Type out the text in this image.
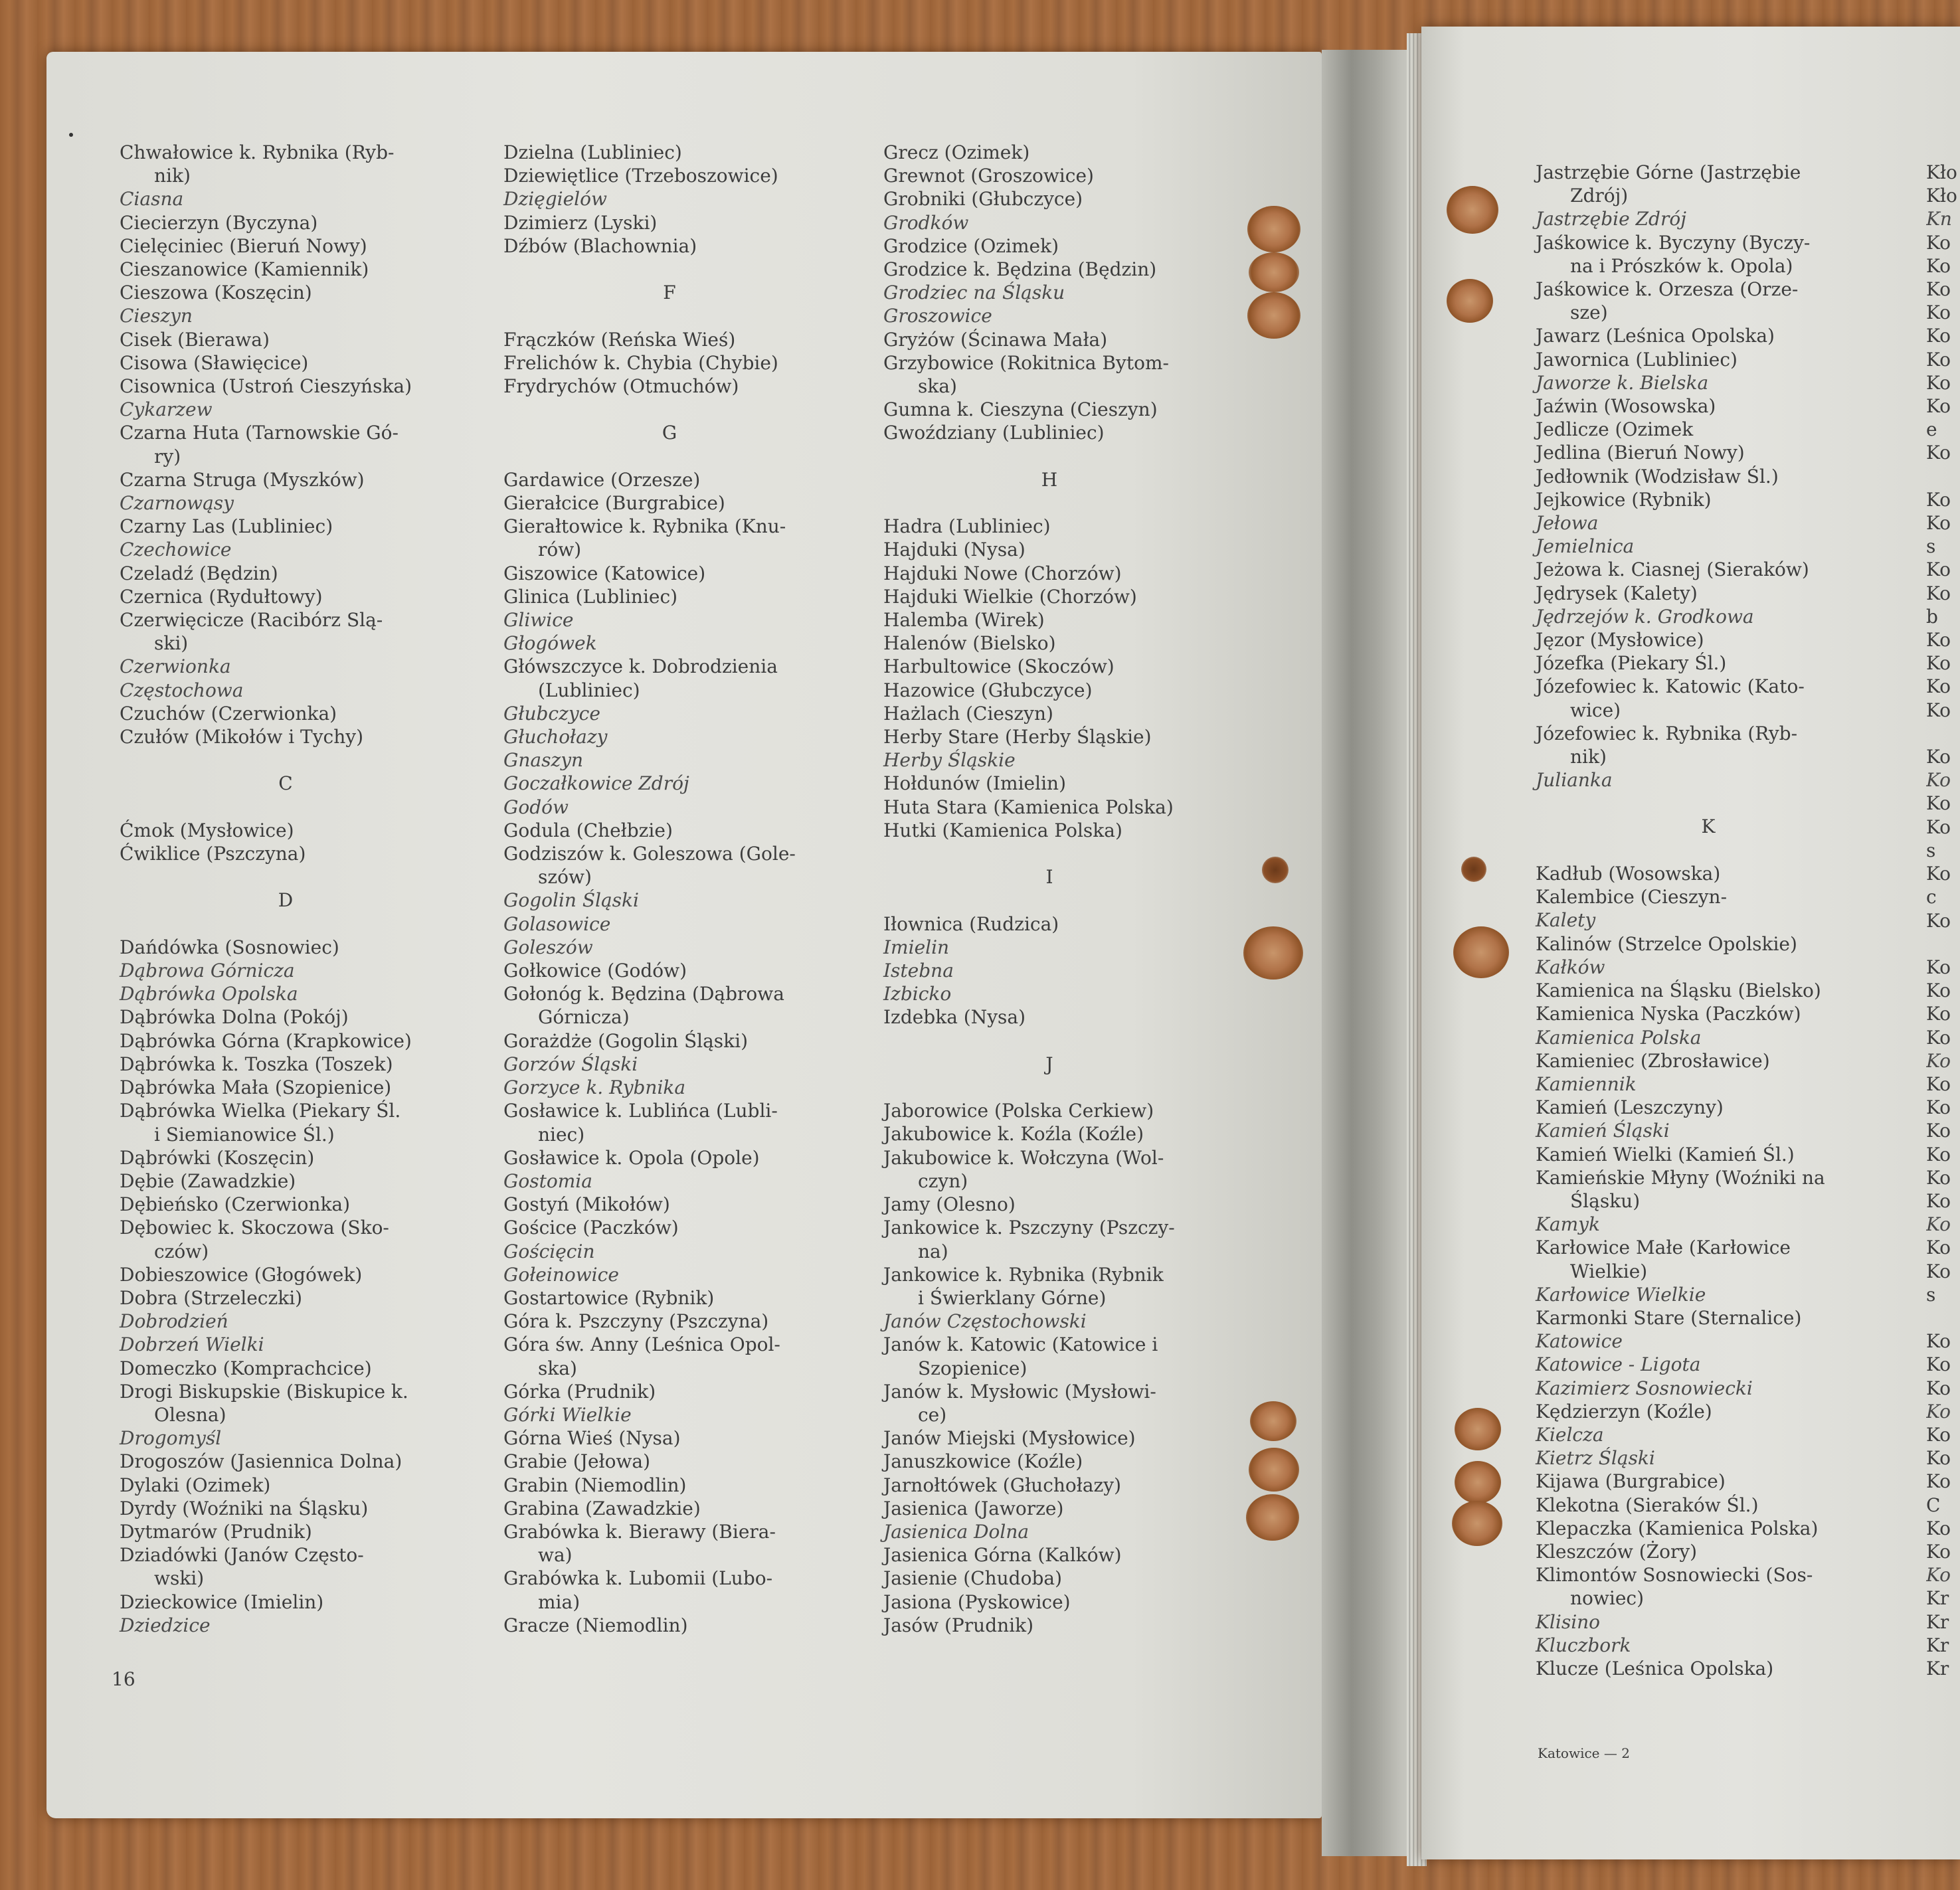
Chwałowice k. Rybnika (Ryb-
nik)
Ciasna
Ciecierzyn (Byczyna)
Cielęciniec (Bieruń Nowy)
Cieszanowice (Kamiennik)
Cieszowa (Koszęcin)
Cieszyn
Cisek (Bierawa)
Cisowa (Sławięcice)
Cisownica (Ustroń Cieszyńska)
Cykarzew
Czarna Huta (Tarnowskie Gó-
ry)
Czarna Struga (Myszków)
Czarnowąsy
Czarny Las (Lubliniec)
Czechowice
Czeladź (Będzin)
Czernica (Rydułtowy)
Czerwięcicze (Racibórz Slą-
ski)
Czerwionka
Częstochowa
Czuchów (Czerwionka)
Czułów (Mikołów i Tychy)
C
Ćmok (Mysłowice)
Ćwiklice (Pszczyna)
D
Dańdówka (Sosnowiec)
Dąbrowa Górnicza
Dąbrówka Opolska
Dąbrówka Dolna (Pokój)
Dąbrówka Górna (Krapkowice)
Dąbrówka k. Toszka (Toszek)
Dąbrówka Mała (Szopienice)
Dąbrówka Wielka (Piekary Śl.
i Siemianowice Śl.)
Dąbrówki (Koszęcin)
Dębie (Zawadzkie)
Dębieńsko (Czerwionka)
Dębowiec k. Skoczowa (Sko-
czów)
Dobieszowice (Głogówek)
Dobra (Strzeleczki)
Dobrodzień
Dobrzeń Wielki
Domeczko (Komprachcice)
Drogi Biskupskie (Biskupice k.
Olesna)
Drogomyśl
Drogoszów (Jasiennica Dolna)
Dylaki (Ozimek)
Dyrdy (Woźniki na Śląsku)
Dytmarów (Prudnik)
Dziadówki (Janów Często-
wski)
Dzieckowice (Imielin)
Dziedzice
Dzielna (Lubliniec)
Dziewiętlice (Trzeboszowice)
Dzięgielów
Dzimierz (Lyski)
Dźbów (Blachownia)
F
Frączków (Reńska Wieś)
Frelichów k. Chybia (Chybie)
Frydrychów (Otmuchów)
G
Gardawice (Orzesze)
Gierałcice (Burgrabice)
Gierałtowice k. Rybnika (Knu-
rów)
Giszowice (Katowice)
Glinica (Lubliniec)
Gliwice
Głogówek
Główszczyce k. Dobrodzienia
(Lubliniec)
Głubczyce
Głuchołazy
Gnaszyn
Goczałkowice Zdrój
Godów
Godula (Chełbzie)
Godziszów k. Goleszowa (Gole-
szów)
Gogolin Śląski
Golasowice
Goleszów
Gołkowice (Godów)
Gołonóg k. Będzina (Dąbrowa
Górnicza)
Gorażdże (Gogolin Śląski)
Gorzów Śląski
Gorzyce k. Rybnika
Gosławice k. Lublińca (Lubli-
niec)
Gosławice k. Opola (Opole)
Gostomia
Gostyń (Mikołów)
Gościce (Paczków)
Gościęcin
Gołeinowice
Gostartowice (Rybnik)
Góra k. Pszczyny (Pszczyna)
Góra św. Anny (Leśnica Opol-
ska)
Górka (Prudnik)
Górki Wielkie
Górna Wieś (Nysa)
Grabie (Jełowa)
Grabin (Niemodlin)
Grabina (Zawadzkie)
Grabówka k. Bierawy (Biera-
wa)
Grabówka k. Lubomii (Lubo-
mia)
Gracze (Niemodlin)
Grecz (Ozimek)
Grewnot (Groszowice)
Grobniki (Głubczyce)
Grodków
Grodzice (Ozimek)
Grodzice k. Będzina (Będzin)
Grodziec na Śląsku
Groszowice
Gryżów (Ścinawa Mała)
Grzybowice (Rokitnica Bytom-
ska)
Gumna k. Cieszyna (Cieszyn)
Gwoździany (Lubliniec)
H
Hadra (Lubliniec)
Hajduki (Nysa)
Hajduki Nowe (Chorzów)
Hajduki Wielkie (Chorzów)
Halemba (Wirek)
Halenów (Bielsko)
Harbultowice (Skoczów)
Hazowice (Głubczyce)
Hażlach (Cieszyn)
Herby Stare (Herby Śląskie)
Herby Śląskie
Hołdunów (Imielin)
Huta Stara (Kamienica Polska)
Hutki (Kamienica Polska)
I
Iłownica (Rudzica)
Imielin
Istebna
Izbicko
Izdebka (Nysa)
J
Jaborowice (Polska Cerkiew)
Jakubowice k. Koźla (Koźle)
Jakubowice k. Wołczyna (Wol-
czyn)
Jamy (Olesno)
Jankowice k. Pszczyny (Pszczy-
na)
Jankowice k. Rybnika (Rybnik
i Świerklany Górne)
Janów Częstochowski
Janów k. Katowic (Katowice i
Szopienice)
Janów k. Mysłowic (Mysłowi-
ce)
Janów Miejski (Mysłowice)
Januszkowice (Koźle)
Jarnołtówek (Głuchołazy)
Jasienica (Jaworze)
Jasienica Dolna
Jasienica Górna (Kalków)
Jasienie (Chudoba)
Jasiona (Pyskowice)
Jasów (Prudnik)
Jastrzębie Górne (Jastrzębie
Zdrój)
Jastrzębie Zdrój
Jaśkowice k. Byczyny (Byczy-
na i Prószków k. Opola)
Jaśkowice k. Orzesza (Orze-
sze)
Jawarz (Leśnica Opolska)
Jawornica (Lubliniec)
Jaworze k. Bielska
Jaźwin (Wosowska)
Jedlicze (Ozimek
Jedlina (Bieruń Nowy)
Jedłownik (Wodzisław Śl.)
Jejkowice (Rybnik)
Jełowa
Jemielnica
Jeżowa k. Ciasnej (Sieraków)
Jędrysek (Kalety)
Jędrzejów k. Grodkowa
Jęzor (Mysłowice)
Józefka (Piekary Śl.)
Józefowiec k. Katowic (Kato-
wice)
Józefowiec k. Rybnika (Ryb-
nik)
Julianka
K
Kadłub (Wosowska)
Kalembice (Cieszyn-
Kalety
Kalinów (Strzelce Opolskie)
Kałków
Kamienica na Śląsku (Bielsko)
Kamienica Nyska (Paczków)
Kamienica Polska
Kamieniec (Zbrosławice)
Kamiennik
Kamień (Leszczyny)
Kamień Śląski
Kamień Wielki (Kamień Śl.)
Kamieńskie Młyny (Woźniki na
Śląsku)
Kamyk
Karłowice Małe (Karłowice
Wielkie)
Karłowice Wielkie
Karmonki Stare (Sternalice)
Katowice
Katowice - Ligota
Kazimierz Sosnowiecki
Kędzierzyn (Koźle)
Kielcza
Kietrz Śląski
Kijawa (Burgrabice)
Klekotna (Sieraków Śl.)
Klepaczka (Kamienica Polska)
Kleszczów (Żory)
Klimontów Sosnowiecki (Sos-
nowiec)
Klisino
Kluczbork
Klucze (Leśnica Opolska)
Kło
Kło
Kn
Ko
Ko
Ko
Ko
Ko
Ko
Ko
Ko
e
Ko

Ko
Ko
s
Ko
Ko
b
Ko
Ko
Ko
Ko

Ko
Ko
Ko
Ko
s
Ko
c
Ko

Ko
Ko
Ko
Ko
Ko
Ko
Ko
Ko
Ko
Ko
Ko
Ko
Ko
Ko
s

Ko
Ko
Ko
Ko
Ko
Ko
Ko
C
Ko
Ko
Ko
Kr
Kr
Kr
Kr
16
Katowice — 2
